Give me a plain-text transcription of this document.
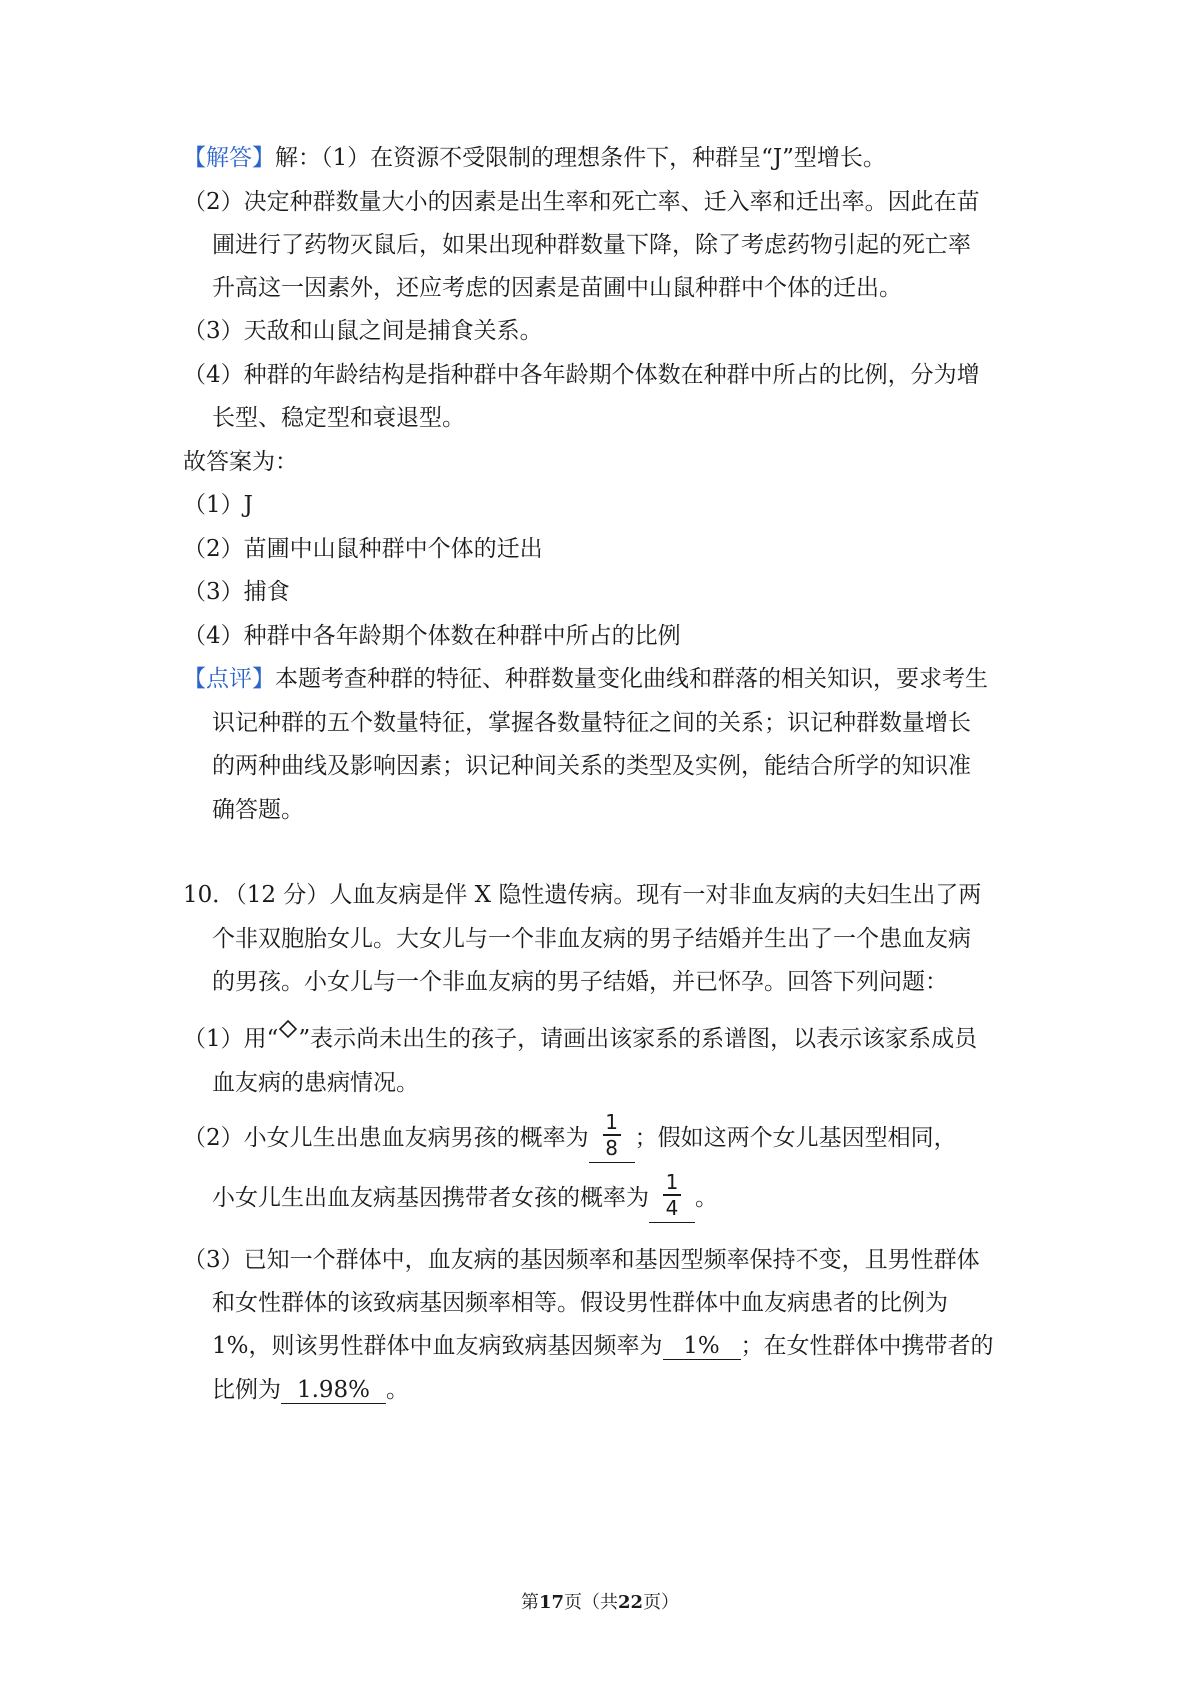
【解答】解：（1）在资源不受限制的理想条件下，种群呈“J”型增长。
（2）决定种群数量大小的因素是出生率和死亡率、迁入率和迁出率。因此在苗
圃进行了药物灭鼠后，如果出现种群数量下降，除了考虑药物引起的死亡率
升高这一因素外，还应考虑的因素是苗圃中山鼠种群中个体的迁出。
（3）天敌和山鼠之间是捕食关系。
（4）种群的年龄结构是指种群中各年龄期个体数在种群中所占的比例，分为增
长型、稳定型和衰退型。
故答案为：
（1）J
（2）苗圃中山鼠种群中个体的迁出
（3）捕食
（4）种群中各年龄期个体数在种群中所占的比例
【点评】本题考查种群的特征、种群数量变化曲线和群落的相关知识，要求考生
识记种群的五个数量特征，掌握各数量特征之间的关系；识记种群数量增长
的两种曲线及影响因素；识记种间关系的类型及实例，能结合所学的知识准
确答题。
10．（12 分）人血友病是伴 X 隐性遗传病。现有一对非血友病的夫妇生出了两
个非双胞胎女儿。大女儿与一个非血友病的男子结婚并生出了一个患血友病
的男孩。小女儿与一个非血友病的男子结婚，并已怀孕。回答下列问题：
（1）用“ ”表示尚未出生的孩子，请画出该家系的系谱图，以表示该家系成员
血友病的患病情况。
（2）小女儿生出患血友病男孩的概率为 $\frac{1}{8}$ ；假如这两个女儿基因型相同，
小女儿生出血友病基因携带者女孩的概率为 $\frac{1}{4}$ 。
（3）已知一个群体中，血友病的基因频率和基因型频率保持不变，且男性群体
和女性群体的该致病基因频率相等。假设男性群体中血友病患者的比例为
1%，则该男性群体中血友病致病基因频率为 1% ；在女性群体中携带者的
比例为 1.98% 。
第17页（共22页）
